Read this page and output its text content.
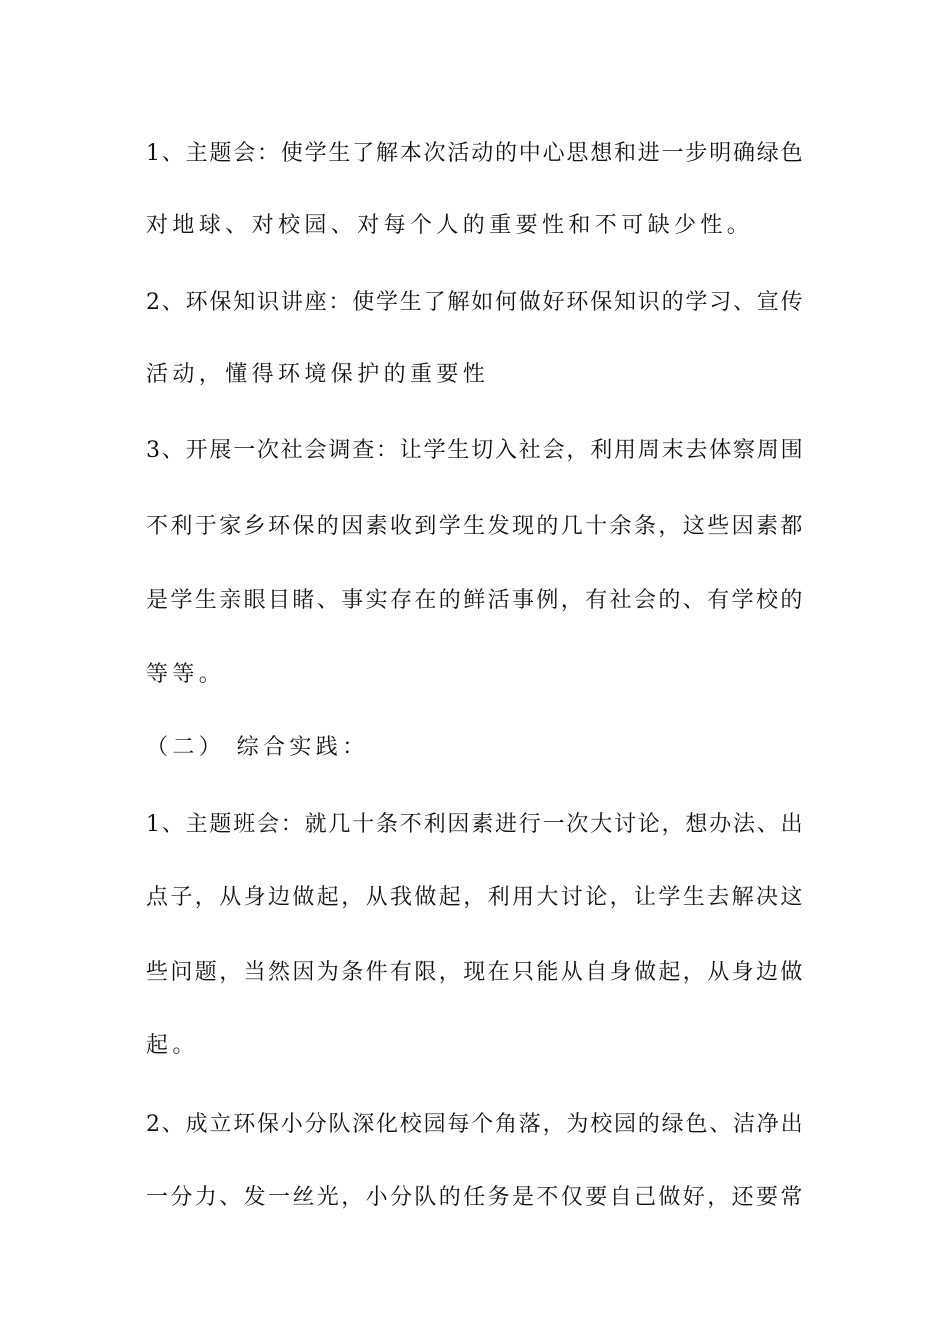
1、主题会：使学生了解本次活动的中心思想和进一步明确绿色
对地球、对校园、对每个人的重要性和不可缺少性。
2、环保知识讲座：使学生了解如何做好环保知识的学习、宣传
活动，懂得环境保护的重要性
3、开展一次社会调查：让学生切入社会，利用周末去体察周围
不利于家乡环保的因素收到学生发现的几十余条，这些因素都
是学生亲眼目睹、事实存在的鲜活事例，有社会的、有学校的
等等。
（二） 综合实践：
1、主题班会：就几十条不利因素进行一次大讨论，想办法、出
点子，从身边做起，从我做起，利用大讨论，让学生去解决这
些问题，当然因为条件有限，现在只能从自身做起，从身边做
起。
2、成立环保小分队深化校园每个角落，为校园的绿色、洁净出
一分力、发一丝光，小分队的任务是不仅要自己做好，还要常
